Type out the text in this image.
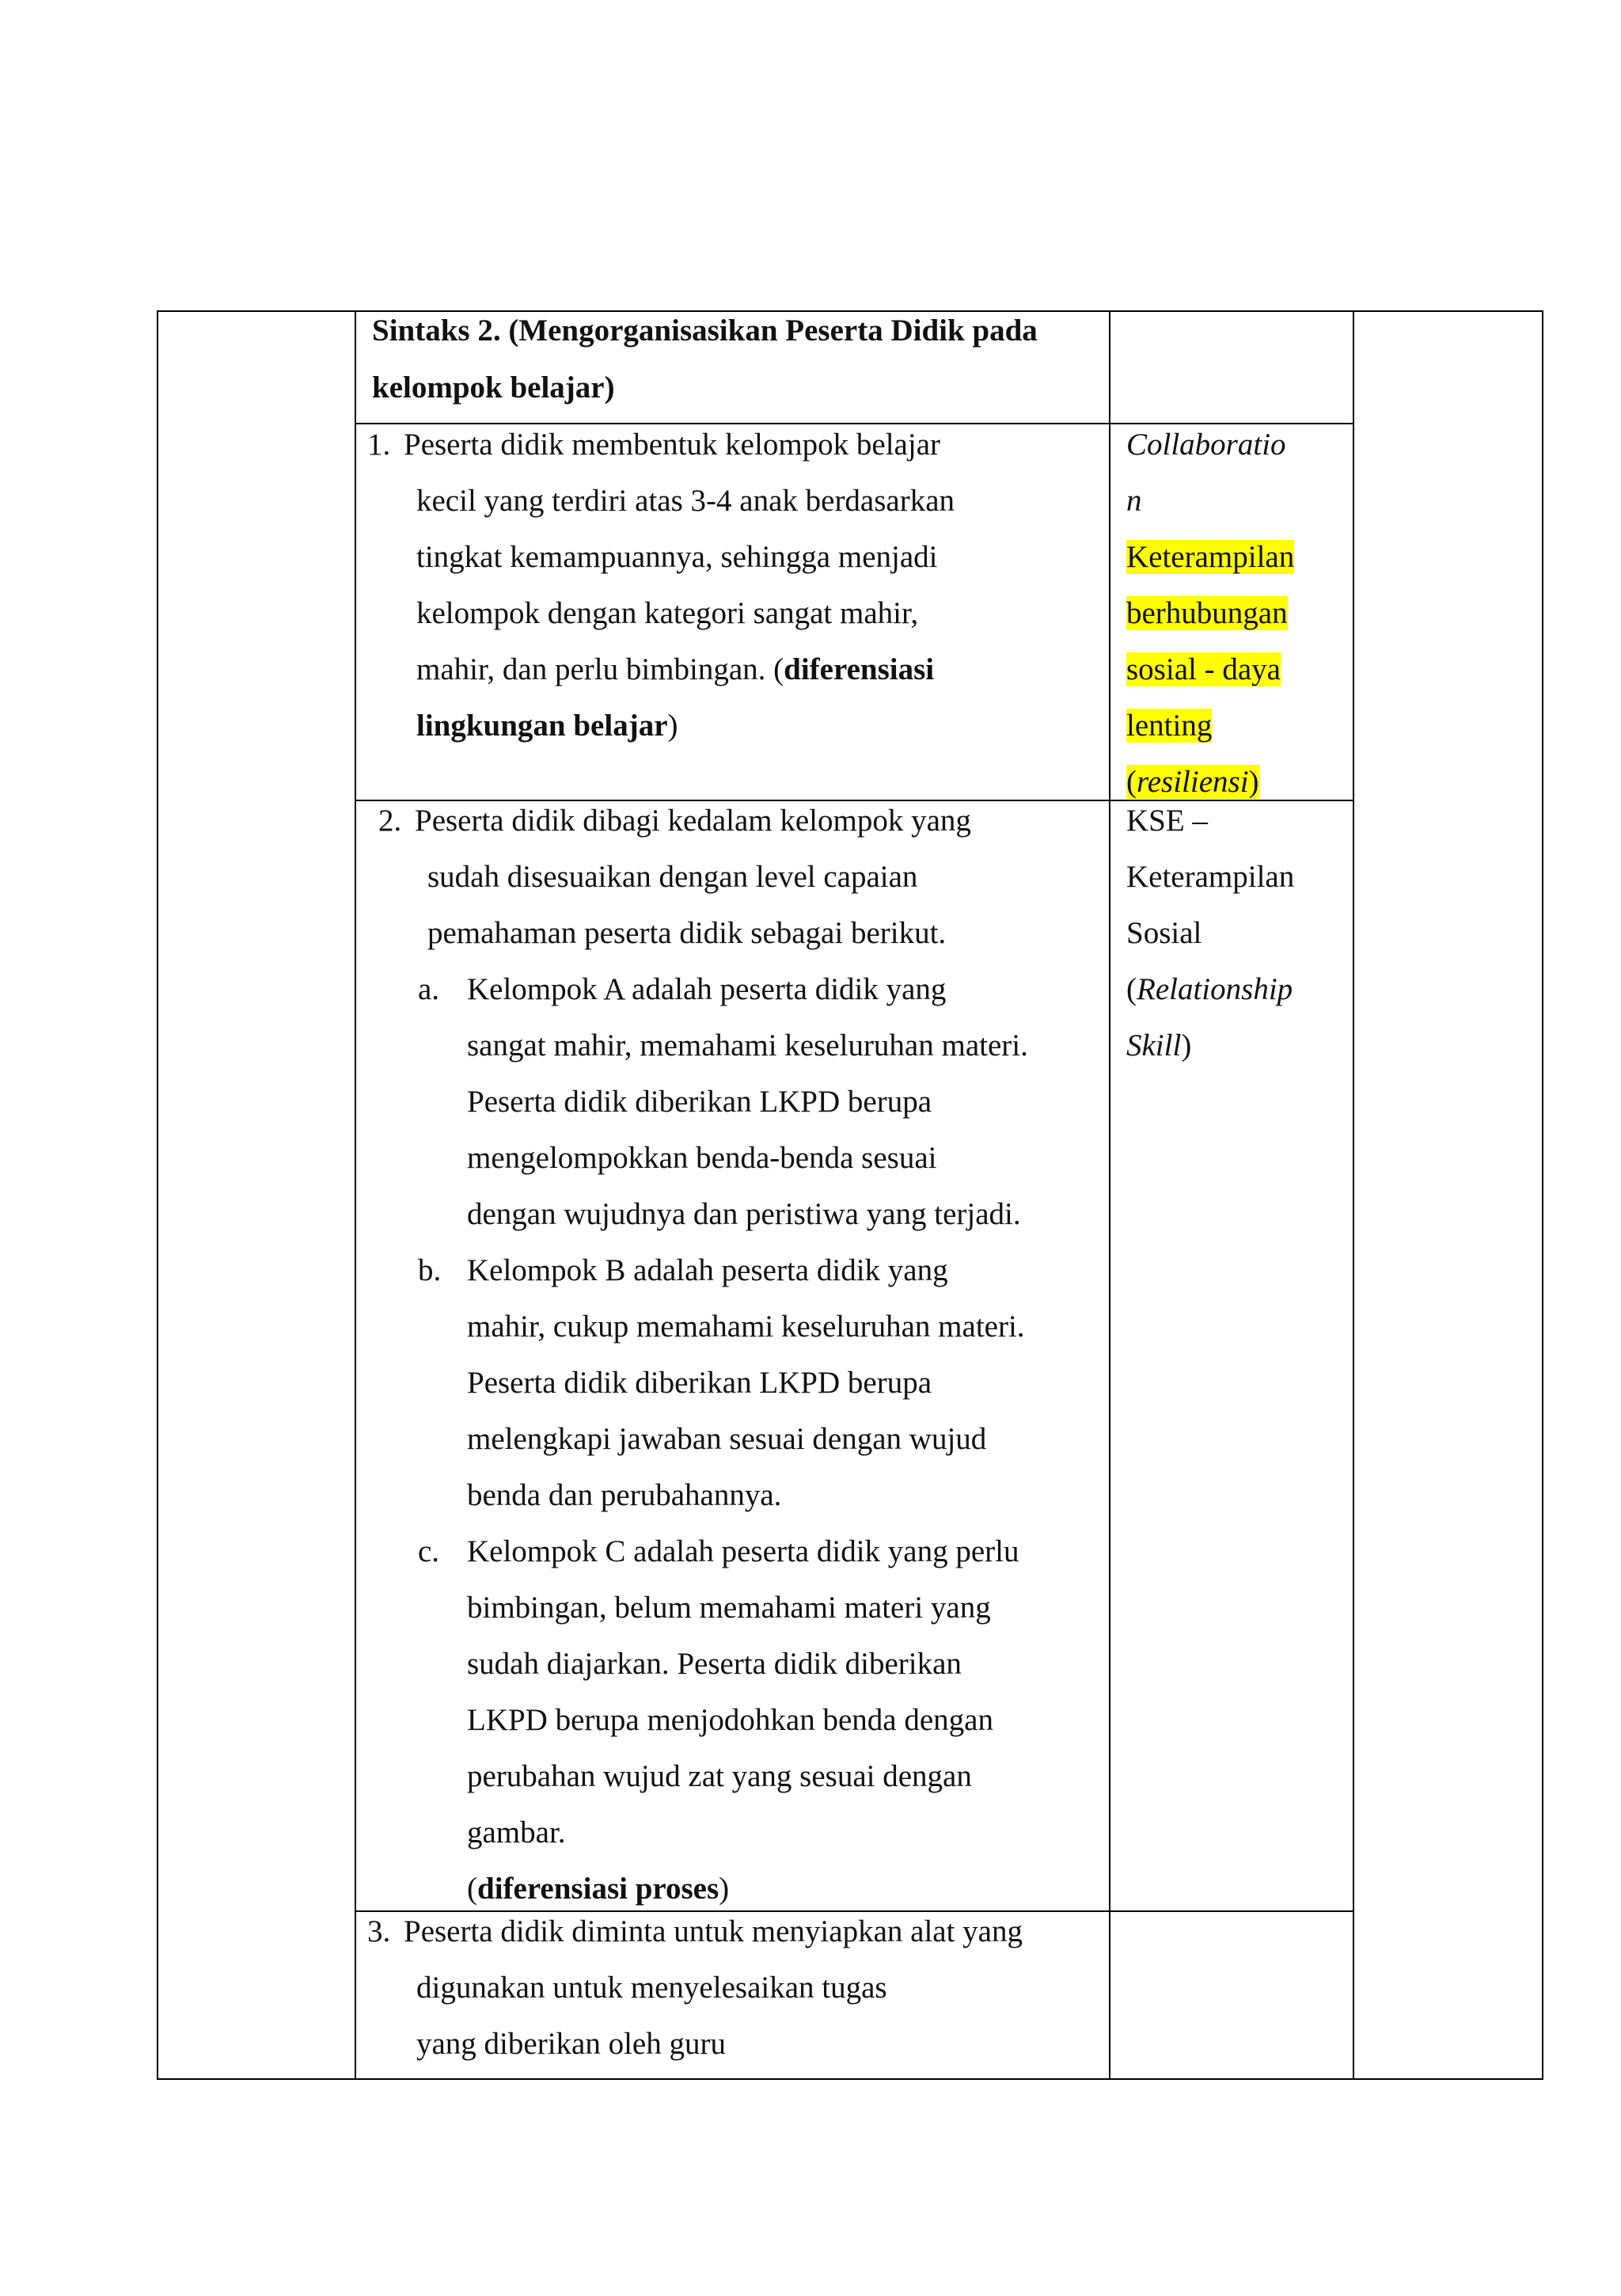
Sintaks 2. (Mengorganisasikan Peserta Didik pada
kelompok belajar)
1. Peserta didik membentuk kelompok belajar
kecil yang terdiri atas 3-4 anak berdasarkan
tingkat kemampuannya, sehingga menjadi
kelompok dengan kategori sangat mahir,
mahir, dan perlu bimbingan. (diferensiasi
lingkungan belajar)
Collaboratio
n
Keterampilan
berhubungan
sosial - daya
lenting
(resiliensi)
2. Peserta didik dibagi kedalam kelompok yang
sudah disesuaikan dengan level capaian
pemahaman peserta didik sebagai berikut.
a. Kelompok A adalah peserta didik yang
sangat mahir, memahami keseluruhan materi.
Peserta didik diberikan LKPD berupa
mengelompokkan benda-benda sesuai
dengan wujudnya dan peristiwa yang terjadi.
b. Kelompok B adalah peserta didik yang
mahir, cukup memahami keseluruhan materi.
Peserta didik diberikan LKPD berupa
melengkapi jawaban sesuai dengan wujud
benda dan perubahannya.
c. Kelompok C adalah peserta didik yang perlu
bimbingan, belum memahami materi yang
sudah diajarkan. Peserta didik diberikan
LKPD berupa menjodohkan benda dengan
perubahan wujud zat yang sesuai dengan
gambar.
(diferensiasi proses)
KSE –
Keterampilan
Sosial
(Relationship
Skill)
3. Peserta didik diminta untuk menyiapkan alat yang
digunakan untuk menyelesaikan tugas
yang diberikan oleh guru
